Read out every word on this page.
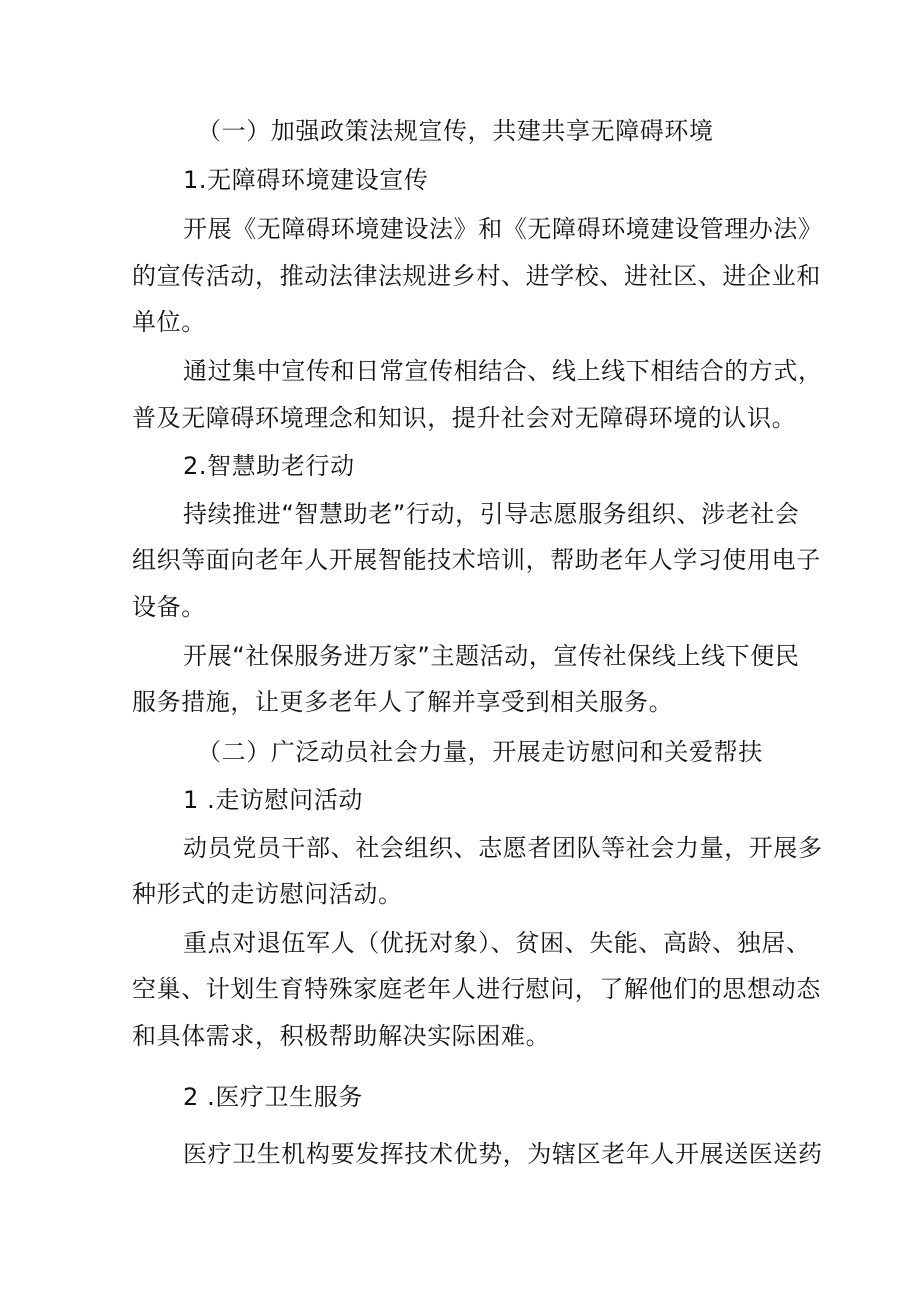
（一）加强政策法规宣传，共建共享无障碍环境

1.无障碍环境建设宣传

开展《无障碍环境建设法》和《无障碍环境建设管理办法》

的宣传活动，推动法律法规进乡村、进学校、进社区、进企业和

单位。

通过集中宣传和日常宣传相结合、线上线下相结合的方式，

普及无障碍环境理念和知识，提升社会对无障碍环境的认识。

2.智慧助老行动

持续推进“智慧助老”行动，引导志愿服务组织、涉老社会

组织等面向老年人开展智能技术培训，帮助老年人学习使用电子

设备。

开展“社保服务进万家”主题活动，宣传社保线上线下便民

服务措施，让更多老年人了解并享受到相关服务。

（二）广泛动员社会力量，开展走访慰问和关爱帮扶

1 .走访慰问活动

动员党员干部、社会组织、志愿者团队等社会力量，开展多

种形式的走访慰问活动。

重点对退伍军人（优抚对象）、贫困、失能、高龄、独居、

空巢、计划生育特殊家庭老年人进行慰问，了解他们的思想动态

和具体需求，积极帮助解决实际困难。

2 .医疗卫生服务

医疗卫生机构要发挥技术优势，为辖区老年人开展送医送药
